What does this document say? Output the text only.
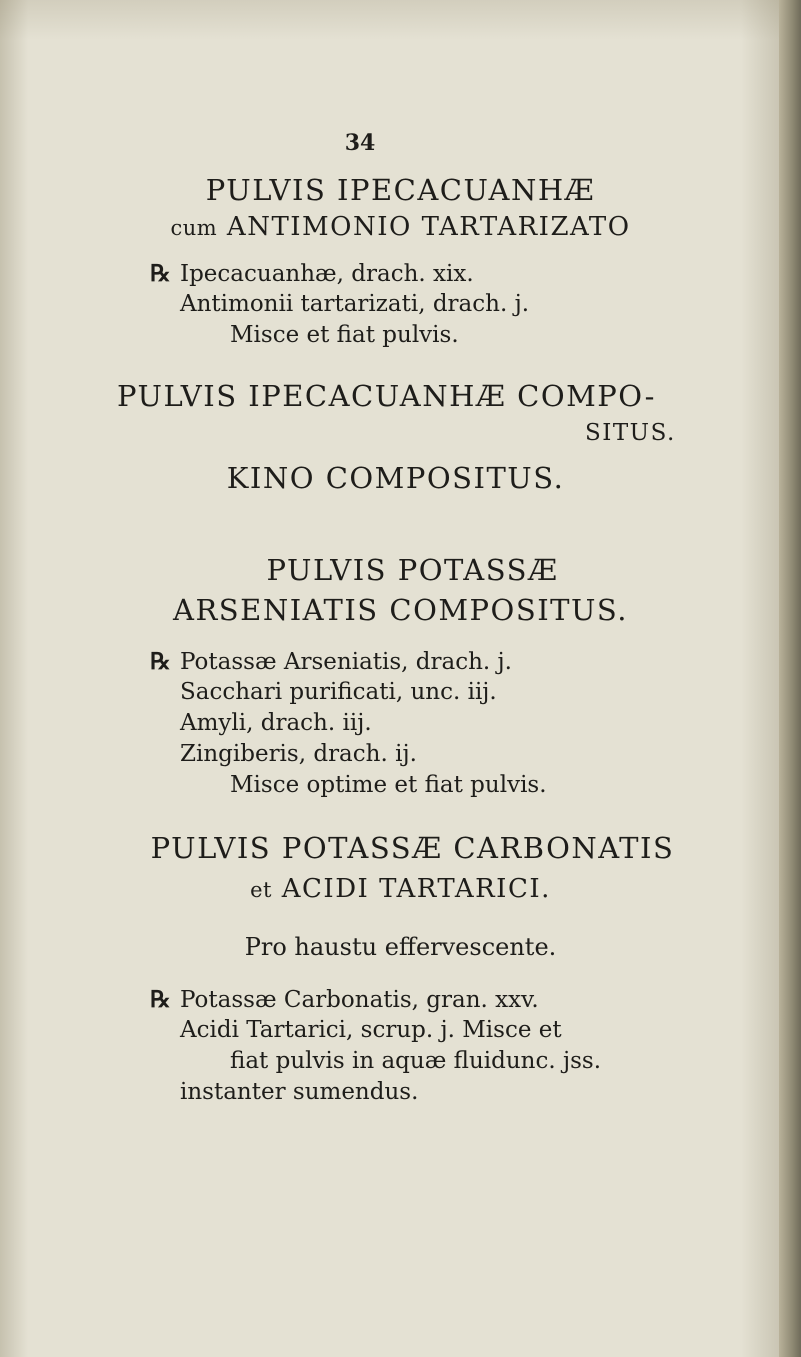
34
PULVIS IPECACUANHÆ
cum ANTIMONIO TARTARIZATO
℞ Ipecacuanhæ, drach. xix.
Antimonii tartarizati, drach. j.
Misce et fiat pulvis.
PULVIS IPECACUANHÆ COMPO-
SITUS.
KINO COMPOSITUS.
PULVIS POTASSÆ
ARSENIATIS COMPOSITUS.
℞ Potassæ Arseniatis, drach. j.
Sacchari purificati, unc. iij.
Amyli, drach. iij.
Zingiberis, drach. ij.
Misce optime et fiat pulvis.
PULVIS POTASSÆ CARBONATIS
et ACIDI TARTARICI.
Pro haustu effervescente.
℞ Potassæ Carbonatis, gran. xxv.
Acidi Tartarici, scrup. j. Misce et
fiat pulvis in aquæ fluidunc. jss.
instanter sumendus.
